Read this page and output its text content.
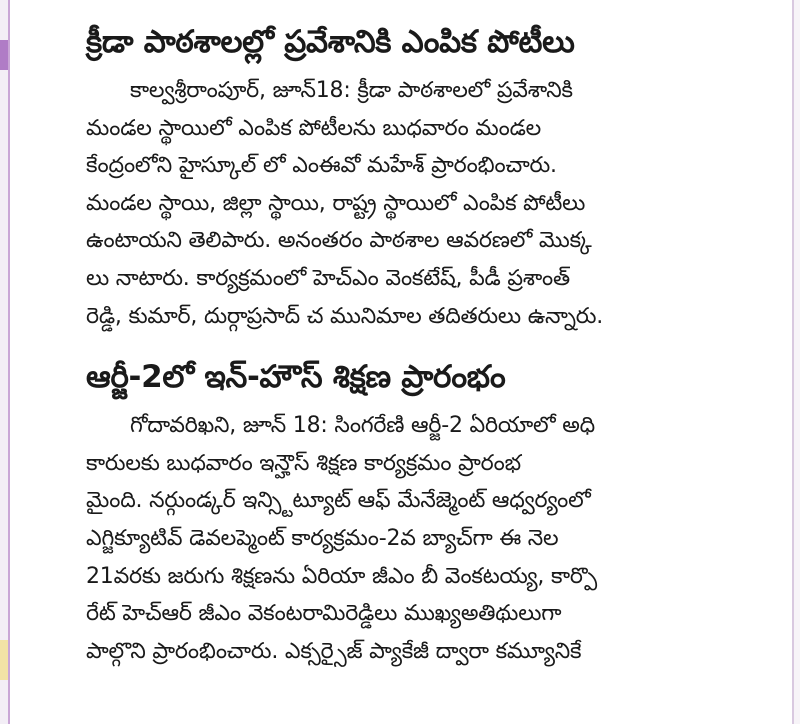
క్రీడా పాఠశాలల్లో ప్రవేశానికి ఎంపిక పోటీలు

కాల్వశ్రీరాంపూర్, జూన్18: క్రీడా పాఠశాలలో ప్రవేశానికి

మండల స్థాయిలో ఎంపిక పోటీలను బుధవారం మండల

కేంద్రంలోని హైస్కూల్ లో ఎంఈవో మహేశ్ ప్రారంభించారు.

మండల స్థాయి, జిల్లా స్థాయి, రాష్ట్ర స్థాయిలో ఎంపిక పోటీలు

ఉంటాయని తెలిపారు. అనంతరం పాఠశాల ఆవరణలో మొక్క

లు నాటారు. కార్యక్రమంలో హెచ్ఎం వెంకటేష్, పీడీ ప్రశాంత్

రెడ్డి, కుమార్, దుర్గాప్రసాద్ చ మునిమాల తదితరులు ఉన్నారు.

ఆర్జీ-2లో ఇన్-హౌస్ శిక్షణ ప్రారంభం

గోదావరిఖని, జూన్ 18: సింగరేణి ఆర్జీ-2 ఏరియాలో అధి

కారులకు బుధవారం ఇన్హౌస్ శిక్షణ కార్యక్రమం ప్రారంభ

మైంది. నర్గుండ్కర్ ఇన్స్టిట్యూట్ ఆఫ్ మేనేజ్మెంట్ ఆధ్వర్యంలో

ఎగ్జిక్యూటివ్ డెవలప్మెంట్ కార్యక్రమం-2వ బ్యాచ్‌గా ఈ నెల

21వరకు జరుగు శిక్షణను ఏరియా జీఎం బీ వెంకటయ్య, కార్పొ

రేట్ హెచ్ఆర్ జీఎం వెకంటరామిరెడ్డిలు ముఖ్యఅతిథులుగా

పాల్గొని ప్రారంభించారు. ఎక్సర్సైజ్ ప్యాకేజీ ద్వారా కమ్యూనికే
